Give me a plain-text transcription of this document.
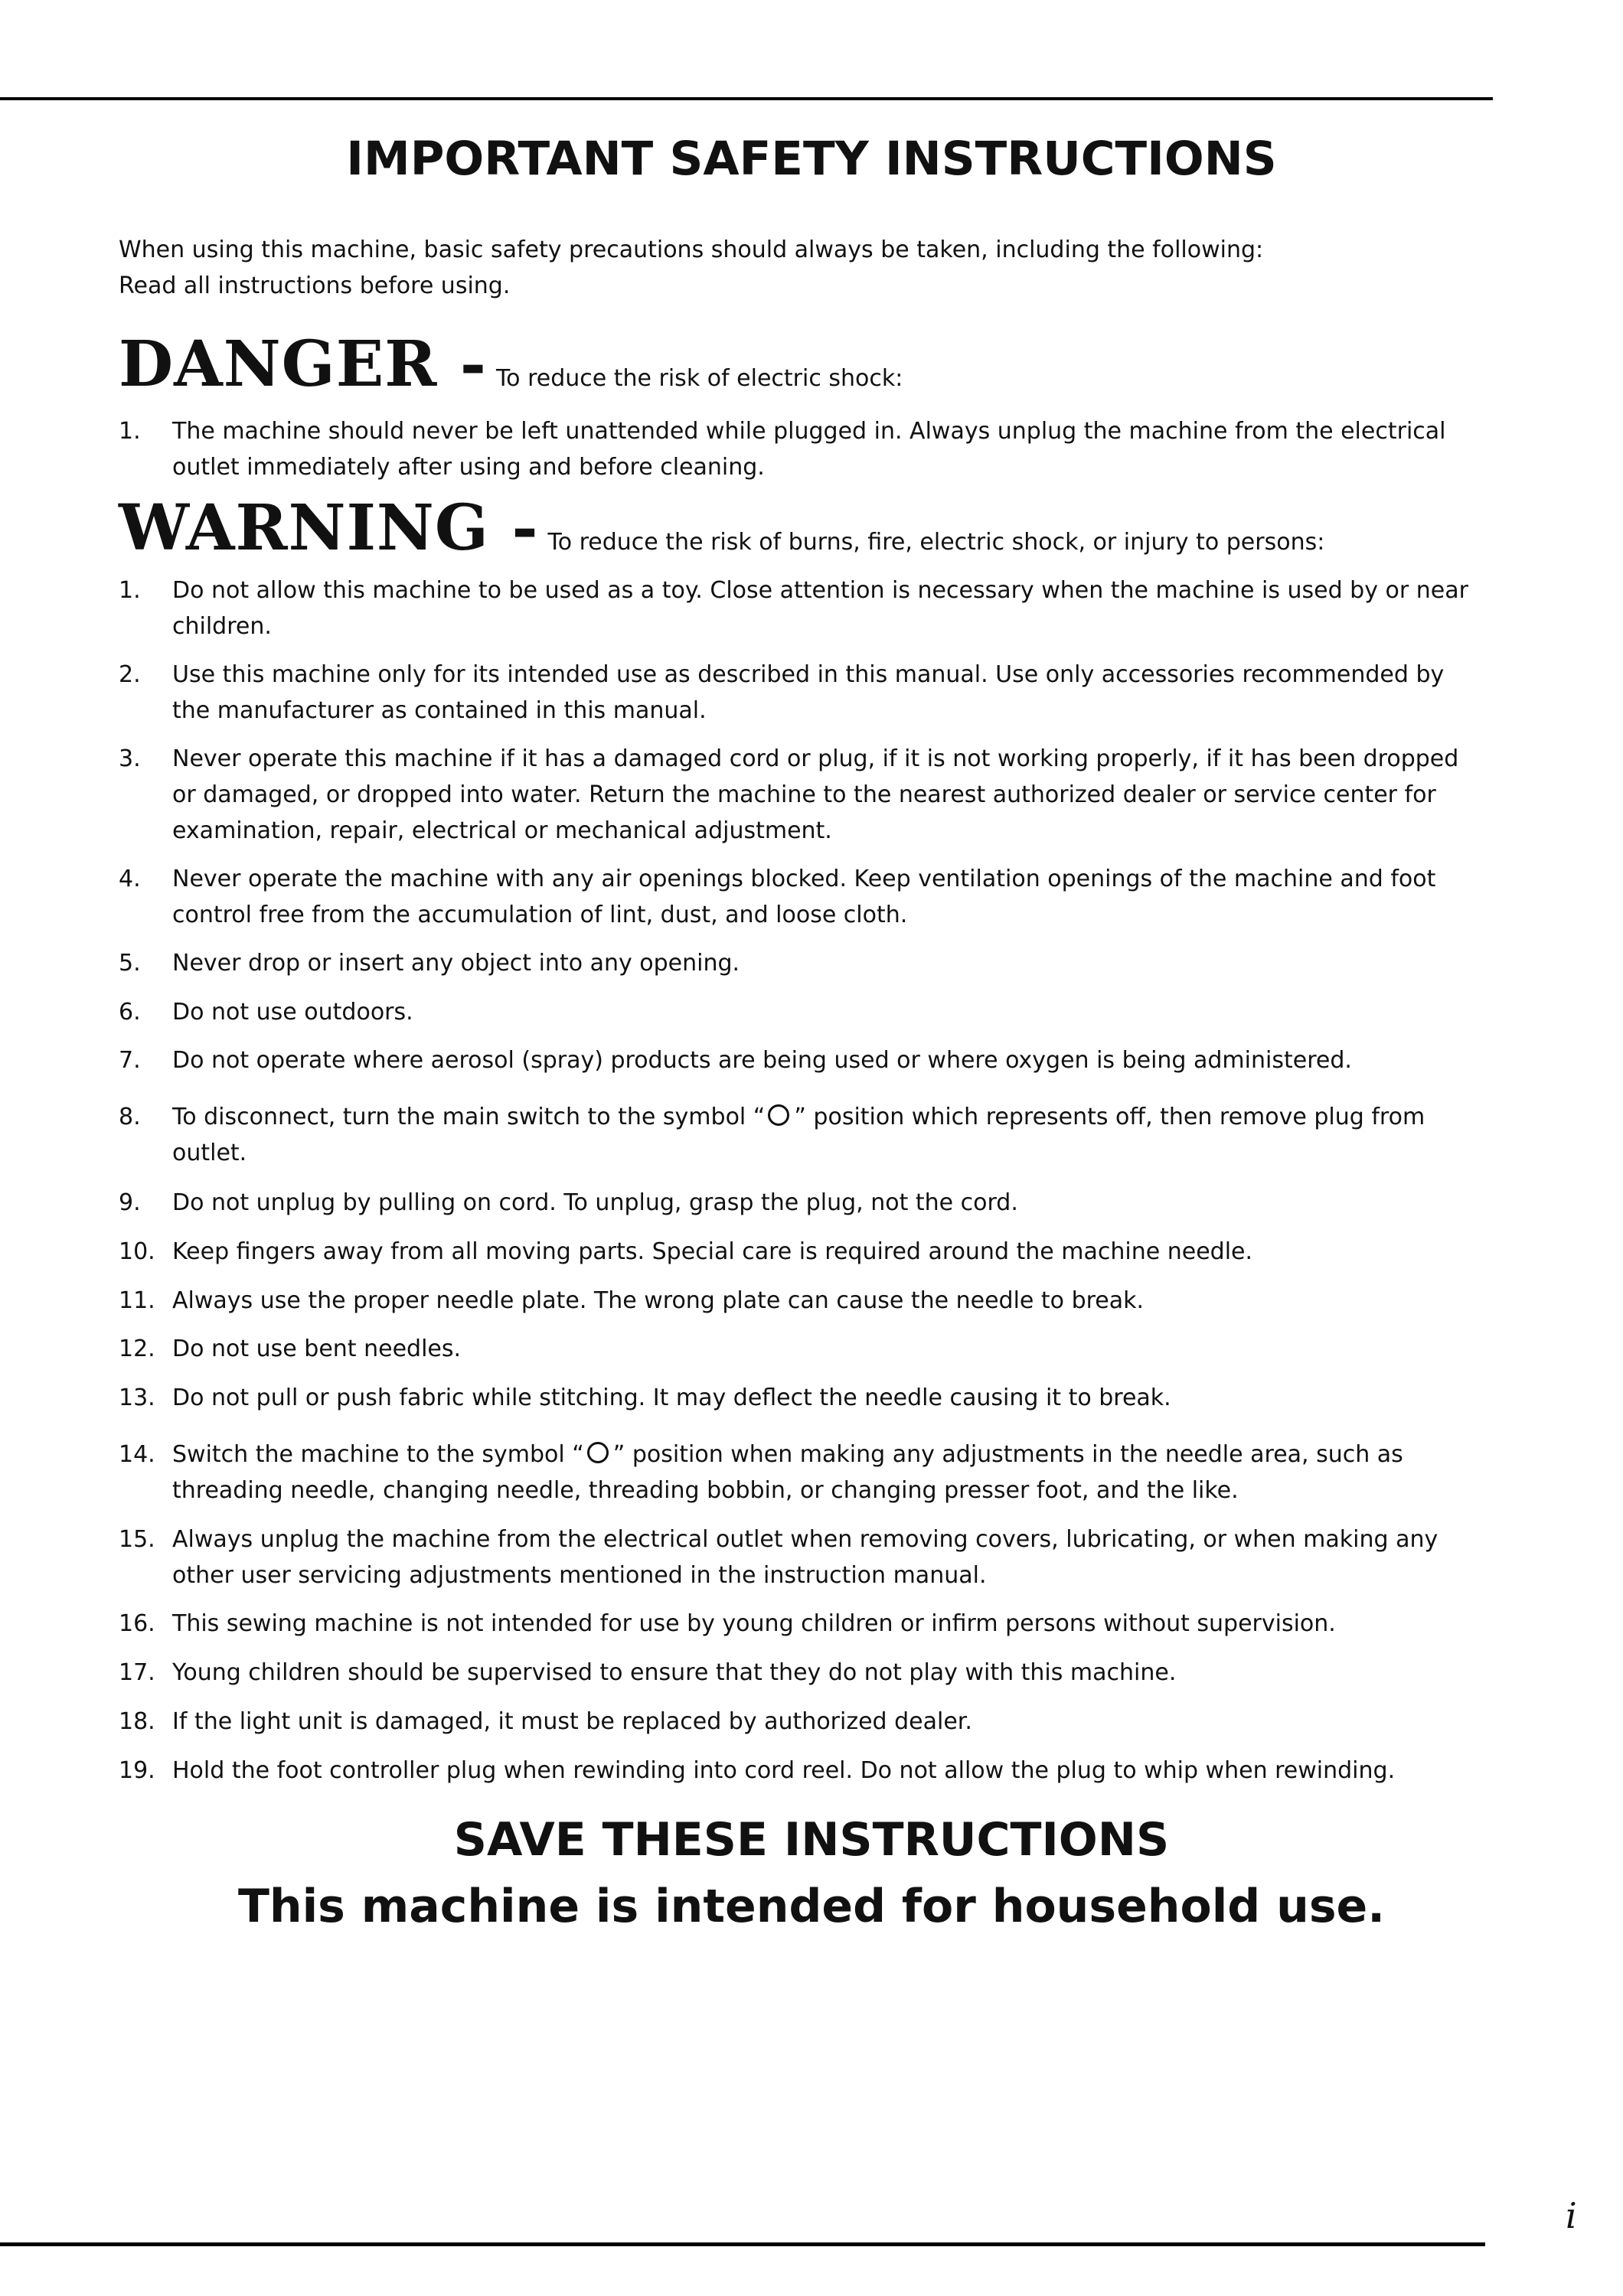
IMPORTANT SAFETY INSTRUCTIONS

When using this machine, basic safety precautions should always be taken, including the following:

Read all instructions before using.

DANGER - To reduce the risk of electric shock:
1.	The machine should never be left unattended while plugged in. Always unplug the machine from the electrical outlet immediately after using and before cleaning.
WARNING - To reduce the risk of burns, fire, electric shock, or injury to persons:
1.	Do not allow this machine to be used as a toy. Close attention is necessary when the machine is used by or near children.
2.	Use this machine only for its intended use as described in this manual. Use only accessories recommended by the manufacturer as contained in this manual.
3.	Never operate this machine if it has a damaged cord or plug, if it is not working properly, if it has been dropped or damaged, or dropped into water. Return the machine to the nearest authorized dealer or service center for examination, repair, electrical or mechanical adjustment.
4.	Never operate the machine with any air openings blocked. Keep ventilation openings of the machine and foot control free from the accumulation of lint, dust, and loose cloth.
5.	Never drop or insert any object into any opening.
6.	Do not use outdoors.
7.	Do not operate where aerosol (spray) products are being used or where oxygen is being administered.
8.	To disconnect, turn the main switch to the symbol “ ” position which represents off, then remove plug from outlet.
9.	Do not unplug by pulling on cord. To unplug, grasp the plug, not the cord.
10. Keep fingers away from all moving parts. Special care is required around the machine needle.
11. Always use the proper needle plate. The wrong plate can cause the needle to break.
12. Do not use bent needles.
13. Do not pull or push fabric while stitching. It may deflect the needle causing it to break.
14. Switch the machine to the symbol “ ” position when making any adjustments in the needle area, such as threading needle, changing needle, threading bobbin, or changing presser foot, and the like.
15. Always unplug the machine from the electrical outlet when removing covers, lubricating, or when making any other user servicing adjustments mentioned in the instruction manual.
16. This sewing machine is not intended for use by young children or infirm persons without supervision.
17. Young children should be supervised to ensure that they do not play with this machine.
18. If the light unit is damaged, it must be replaced by authorized dealer.
19. Hold the foot controller plug when rewinding into cord reel. Do not allow the plug to whip when rewinding.
SAVE THESE INSTRUCTIONS
This machine is intended for household use.
i
